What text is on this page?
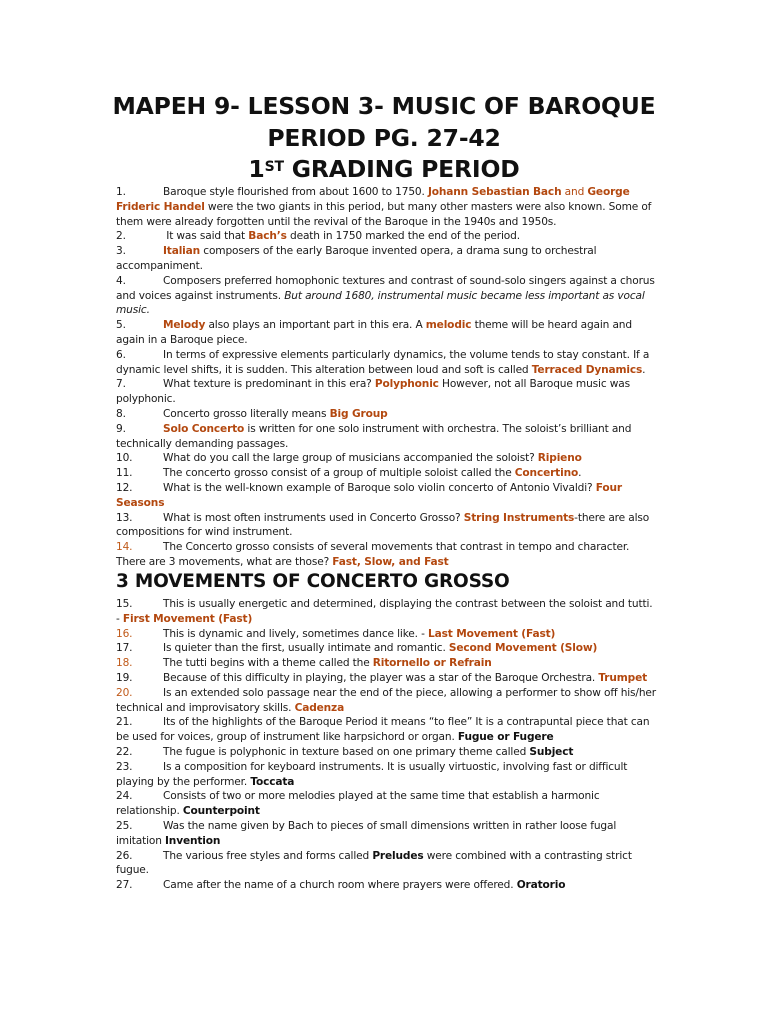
MAPEH 9- LESSON 3- MUSIC OF BAROQUE
PERIOD PG. 27-42
1ST GRADING PERIOD
1.	Baroque style flourished from about 1600 to 1750. Johann Sebastian Bach and George Frideric Handel were the two giants in this period, but many other masters were also known. Some of them were already forgotten until the revival of the Baroque in the 1940s and 1950s.
2.	It was said that Bach’s death in 1750 marked the end of the period.
3.	Italian composers of the early Baroque invented opera, a drama sung to orchestral accompaniment.
4.	Composers preferred homophonic textures and contrast of sound-solo singers against a chorus and voices against instruments. But around 1680, instrumental music became less important as vocal music.
5.	Melody also plays an important part in this era. A melodic theme will be heard again and again in a Baroque piece.
6.	In terms of expressive elements particularly dynamics, the volume tends to stay constant. If a dynamic level shifts, it is sudden. This alteration between loud and soft is called Terraced Dynamics.
7.	What texture is predominant in this era? Polyphonic However, not all Baroque music was polyphonic.
8.	Concerto grosso literally means Big Group
9.	Solo Concerto is written for one solo instrument with orchestra. The soloist’s brilliant and technically demanding passages.
10.	What do you call the large group of musicians accompanied the soloist? Ripieno
11.	The concerto grosso consist of a group of multiple soloist called the Concertino.
12.	What is the well-known example of Baroque solo violin concerto of Antonio Vivaldi? Four Seasons
13.	What is most often instruments used in Concerto Grosso? String Instruments-there are also compositions for wind instrument.
14.	The Concerto grosso consists of several movements that contrast in tempo and character. There are 3 movements, what are those? Fast, Slow, and Fast
3 MOVEMENTS OF CONCERTO GROSSO
15.	This is usually energetic and determined, displaying the contrast between the soloist and tutti. - First Movement (Fast)
16.	This is dynamic and lively, sometimes dance like. - Last Movement (Fast)
17.	Is quieter than the first, usually intimate and romantic. Second Movement (Slow)
18.	The tutti begins with a theme called the Ritornello or Refrain
19.	Because of this difficulty in playing, the player was a star of the Baroque Orchestra. Trumpet
20.	Is an extended solo passage near the end of the piece, allowing a performer to show off his/her technical and improvisatory skills. Cadenza
21.	Its of the highlights of the Baroque Period it means “to flee” It is a contrapuntal piece that can be used for voices, group of instrument like harpsichord or organ. Fugue or Fugere
22.	The fugue is polyphonic in texture based on one primary theme called Subject
23.	Is a composition for keyboard instruments. It is usually virtuostic, involving fast or difficult playing by the performer. Toccata
24.	Consists of two or more melodies played at the same time that establish a harmonic relationship. Counterpoint
25.	Was the name given by Bach to pieces of small dimensions written in rather loose fugal imitation Invention
26.	The various free styles and forms called Preludes were combined with a contrasting strict fugue.
27.	Came after the name of a church room where prayers were offered. Oratorio
